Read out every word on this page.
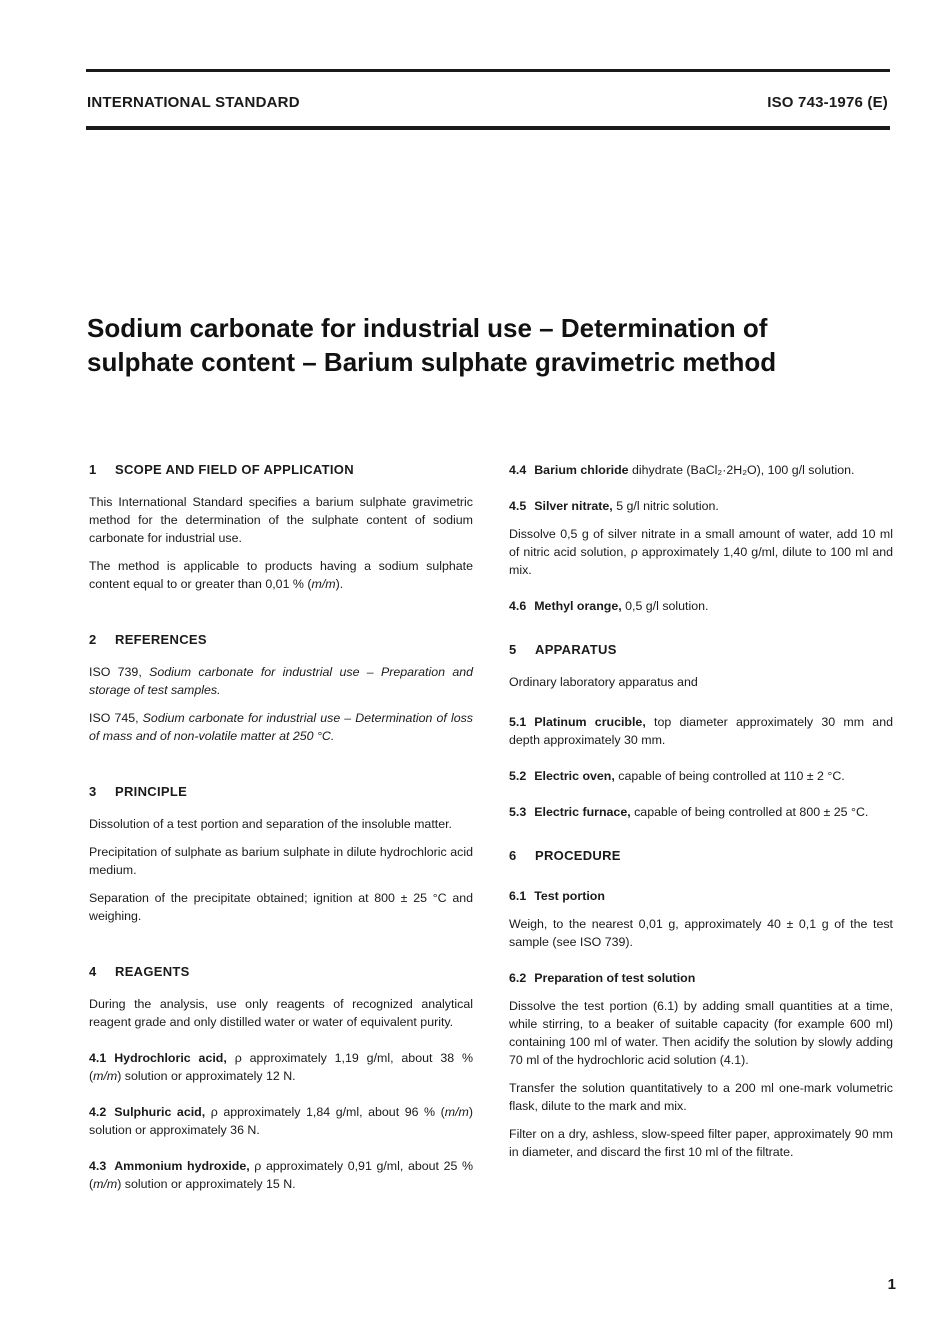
INTERNATIONAL STANDARD	ISO 743-1976 (E)
Sodium carbonate for industrial use – Determination of
sulphate content – Barium sulphate gravimetric method
1 SCOPE AND FIELD OF APPLICATION

This International Standard specifies a barium sulphate gravimetric method for the determination of the sulphate content of sodium carbonate for industrial use.

The method is applicable to products having a sodium sulphate content equal to or greater than 0,01 % (m/m).

2 REFERENCES

ISO 739, Sodium carbonate for industrial use – Preparation and storage of test samples.

ISO 745, Sodium carbonate for industrial use – Determination of loss of mass and of non-volatile matter at 250 °C.

3 PRINCIPLE

Dissolution of a test portion and separation of the insoluble matter.

Precipitation of sulphate as barium sulphate in dilute hydrochloric acid medium.

Separation of the precipitate obtained; ignition at 800 ± 25 °C and weighing.

4 REAGENTS

During the analysis, use only reagents of recognized analytical reagent grade and only distilled water or water of equivalent purity.

4.1 Hydrochloric acid, ρ approximately 1,19 g/ml, about 38 % (m/m) solution or approximately 12 N.

4.2 Sulphuric acid, ρ approximately 1,84 g/ml, about 96 % (m/m) solution or approximately 36 N.

4.3 Ammonium hydroxide, ρ approximately 0,91 g/ml, about 25 % (m/m) solution or approximately 15 N.

4.4 Barium chloride dihydrate (BaCl₂·2H₂O), 100 g/l solution.

4.5 Silver nitrate, 5 g/l nitric solution.

Dissolve 0,5 g of silver nitrate in a small amount of water, add 10 ml of nitric acid solution, ρ approximately 1,40 g/ml, dilute to 100 ml and mix.

4.6 Methyl orange, 0,5 g/l solution.

5 APPARATUS

Ordinary laboratory apparatus and

5.1 Platinum crucible, top diameter approximately 30 mm and depth approximately 30 mm.

5.2 Electric oven, capable of being controlled at 110 ± 2 °C.

5.3 Electric furnace, capable of being controlled at 800 ± 25 °C.

6 PROCEDURE
6.1 Test portion

Weigh, to the nearest 0,01 g, approximately 40 ± 0,1 g of the test sample (see ISO 739).

6.2 Preparation of test solution

Dissolve the test portion (6.1) by adding small quantities at a time, while stirring, to a beaker of suitable capacity (for example 600 ml) containing 100 ml of water. Then acidify the solution by slowly adding 70 ml of the hydrochloric acid solution (4.1).

Transfer the solution quantitatively to a 200 ml one-mark volumetric flask, dilute to the mark and mix.

Filter on a dry, ashless, slow-speed filter paper, approximately 90 mm in diameter, and discard the first 10 ml of the filtrate.

1
